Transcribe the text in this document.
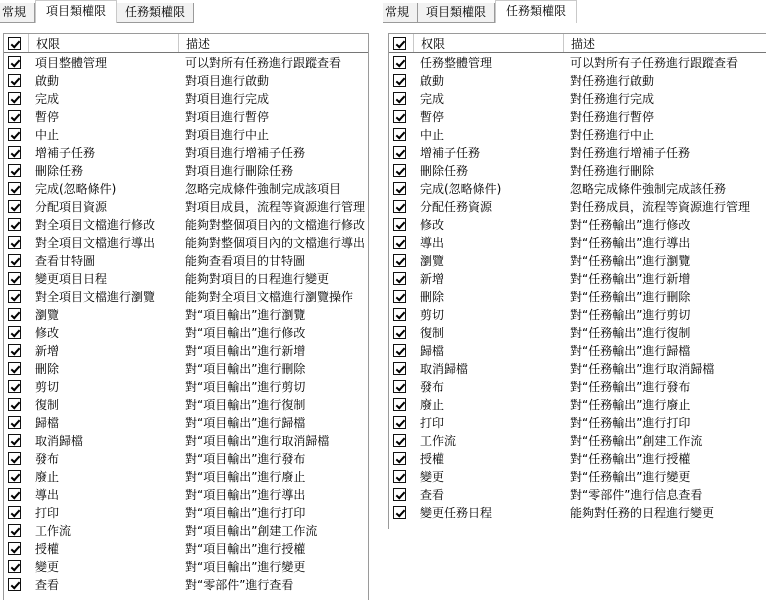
常規	項目類權限	任務類權限
权限	描述
項目整體管理	可以對所有任務進行跟蹤查看
啟動	對項目進行啟動
完成	對項目進行完成
暫停	對項目進行暫停
中止	對項目進行中止
增補子任務	對項目進行增補子任務
刪除任務	對項目進行刪除任務
完成(忽略條件)	忽略完成條件強制完成該項目
分配項目資源	對項目成員，流程等資源進行管理
對全項目文檔進行修改	能夠對整個項目內的文檔進行修改
對全項目文檔進行導出	能夠對整個項目內的文檔進行導出
查看甘特圖	能夠查看項目的甘特圖
變更項目日程	能夠對項目的日程進行變更
對全項目文檔進行瀏覽	能夠對全項目文檔進行瀏覽操作
瀏覽	對“項目輸出”進行瀏覽
修改	對“項目輸出”進行修改
新增	對“項目輸出”進行新增
刪除	對“項目輸出”進行刪除
剪切	對“項目輸出”進行剪切
復制	對“項目輸出”進行復制
歸檔	對“項目輸出”進行歸檔
取消歸檔	對“項目輸出”進行取消歸檔
發布	對“項目輸出”進行發布
廢止	對“項目輸出”進行廢止
導出	對“項目輸出”進行導出
打印	對“項目輸出”進行打印
工作流	對“項目輸出”創建工作流
授權	對“項目輸出”進行授權
變更	對“項目輸出”進行變更
查看	對“零部件”進行查看
常規	項目類權限	任務類權限
权限	描述
任務整體管理	可以對所有子任務進行跟蹤查看
啟動	對任務進行啟動
完成	對任務進行完成
暫停	對任務進行暫停
中止	對任務進行中止
增補子任務	對任務進行增補子任務
刪除任務	對任務進行刪除
完成(忽略條件)	忽略完成條件強制完成該任務
分配任務資源	對任務成員，流程等資源進行管理
修改	對“任務輸出”進行修改
導出	對“任務輸出”進行導出
瀏覽	對“任務輸出”進行瀏覽
新增	對“任務輸出”進行新增
刪除	對“任務輸出”進行刪除
剪切	對“任務輸出”進行剪切
復制	對“任務輸出”進行復制
歸檔	對“任務輸出”進行歸檔
取消歸檔	對“任務輸出”進行取消歸檔
發布	對“任務輸出”進行發布
廢止	對“任務輸出”進行廢止
打印	對“任務輸出”進行打印
工作流	對“任務輸出”創建工作流
授權	對“任務輸出”進行授權
變更	對“任務輸出”進行變更
查看	對“零部件”進行信息查看
變更任務日程	能夠對任務的日程進行變更
